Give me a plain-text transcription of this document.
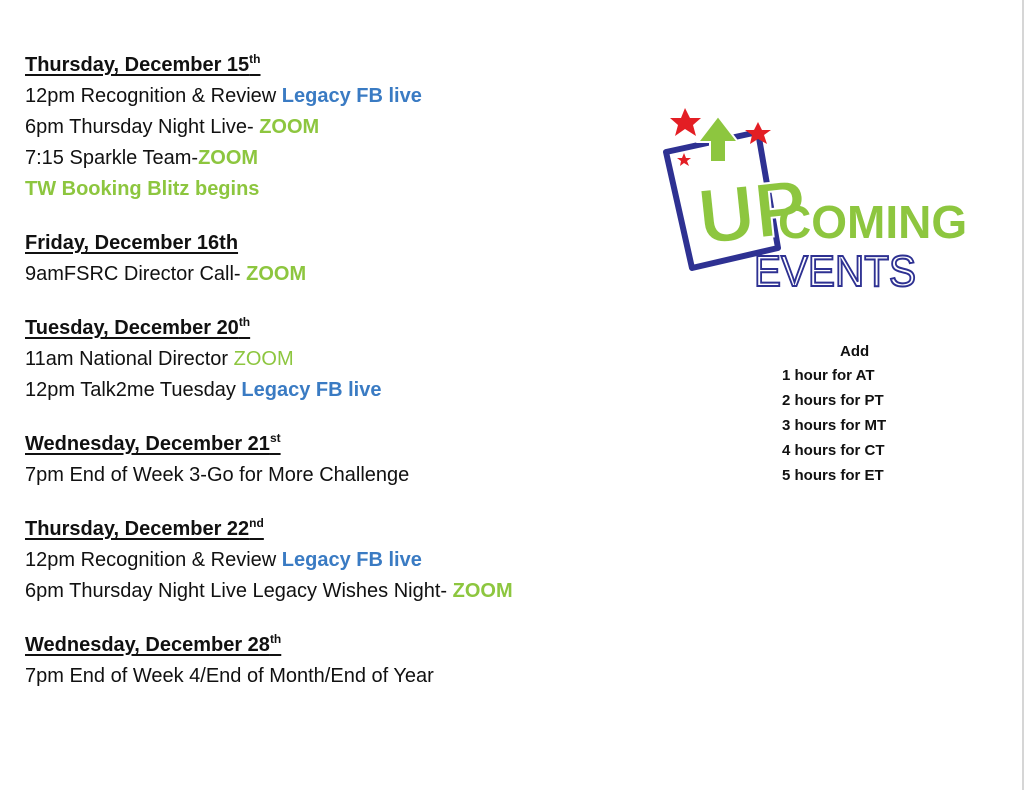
Thursday, December 15th
12pm Recognition & Review Legacy FB live
6pm Thursday Night Live- ZOOM
7:15 Sparkle Team-ZOOM
TW Booking Blitz begins
Friday, December 16th
9amFSRC Director Call- ZOOM
Tuesday, December 20th
11am National Director ZOOM
12pm Talk2me Tuesday Legacy FB live
Wednesday, December 21st
7pm End of Week 3-Go for More Challenge
Thursday, December 22nd
12pm Recognition & Review Legacy FB live
6pm Thursday Night Live Legacy Wishes Night- ZOOM
Wednesday, December 28th
7pm End of Week 4/End of Month/End of Year
UP
COMING
EVENTS
Add
1 hour for AT
2 hours for PT
3 hours for MT
4 hours for CT
5 hours for ET
